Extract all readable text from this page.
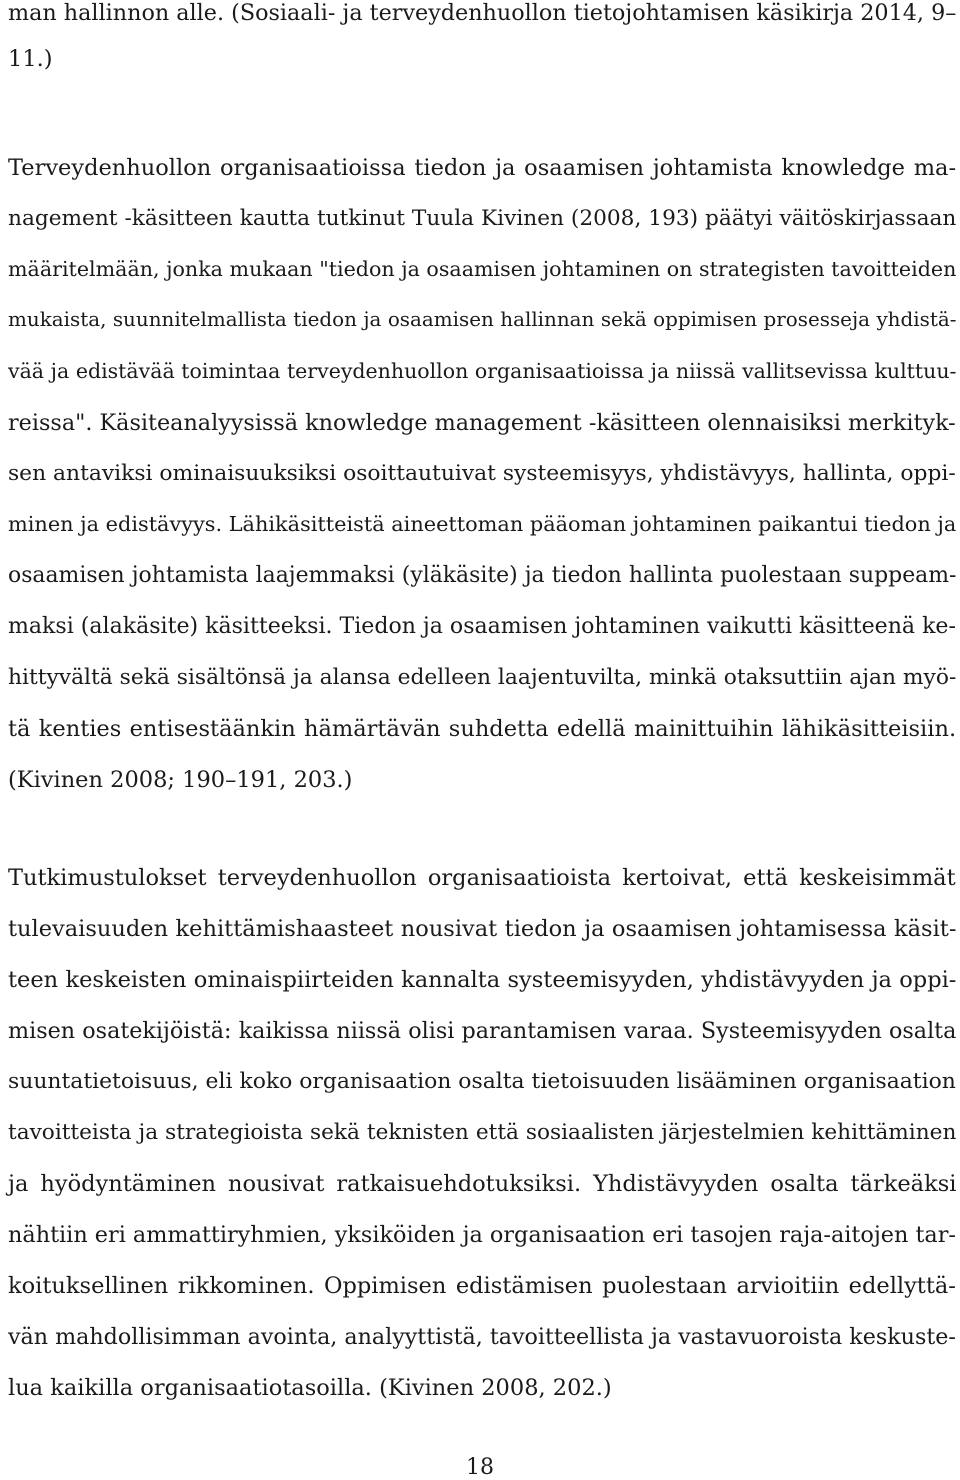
man hallinnon alle. (Sosiaali- ja terveydenhuollon tietojohtamisen käsikirja 2014, 9–
11.)
Terveydenhuollon organisaatioissa tiedon ja osaamisen johtamista knowledge ma-
nagement -käsitteen kautta tutkinut Tuula Kivinen (2008, 193) päätyi väitöskirjassaan
määritelmään, jonka mukaan "tiedon ja osaamisen johtaminen on strategisten tavoitteiden
mukaista, suunnitelmallista tiedon ja osaamisen hallinnan sekä oppimisen prosesseja yhdistä-
vää ja edistävää toimintaa terveydenhuollon organisaatioissa ja niissä vallitsevissa kulttuu-
reissa". Käsiteanalyysissä knowledge management -käsitteen olennaisiksi merkityk-
sen antaviksi ominaisuuksiksi osoittautuivat systeemisyys, yhdistävyys, hallinta, oppi-
minen ja edistävyys. Lähikäsitteistä aineettoman pääoman johtaminen paikantui tiedon ja
osaamisen johtamista laajemmaksi (yläkäsite) ja tiedon hallinta puolestaan suppeam-
maksi (alakäsite) käsitteeksi. Tiedon ja osaamisen johtaminen vaikutti käsitteenä ke-
hittyvältä sekä sisältönsä ja alansa edelleen laajentuvilta, minkä otaksuttiin ajan myö-
tä kenties entisestäänkin hämärtävän suhdetta edellä mainittuihin lähikäsitteisiin.
(Kivinen 2008; 190–191, 203.)
Tutkimustulokset terveydenhuollon organisaatioista kertoivat, että keskeisimmät
tulevaisuuden kehittämishaasteet nousivat tiedon ja osaamisen johtamisessa käsit-
teen keskeisten ominaispiirteiden kannalta systeemisyyden, yhdistävyyden ja oppi-
misen osatekijöistä: kaikissa niissä olisi parantamisen varaa. Systeemisyyden osalta
suuntatietoisuus, eli koko organisaation osalta tietoisuuden lisääminen organisaation
tavoitteista ja strategioista sekä teknisten että sosiaalisten järjestelmien kehittäminen
ja hyödyntäminen nousivat ratkaisuehdotuksiksi. Yhdistävyyden osalta tärkeäksi
nähtiin eri ammattiryhmien, yksiköiden ja organisaation eri tasojen raja-aitojen tar-
koituksellinen rikkominen. Oppimisen edistämisen puolestaan arvioitiin edellyttä-
vän mahdollisimman avointa, analyyttistä, tavoitteellista ja vastavuoroista keskuste-
lua kaikilla organisaatiotasoilla. (Kivinen 2008, 202.)
18
